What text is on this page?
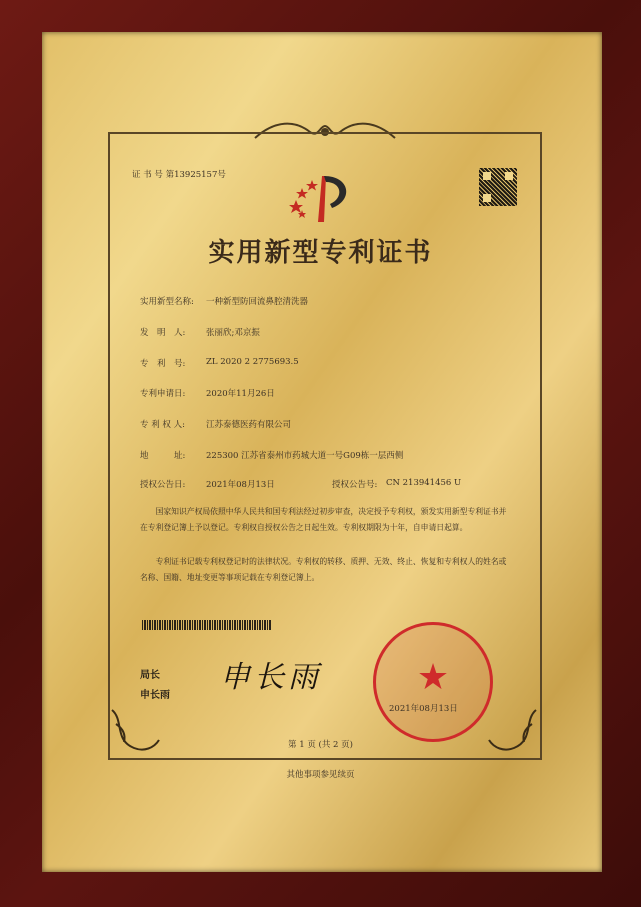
证 书 号 第13925157号
实用新型专利证书
实用新型名称: 一种新型防回流鼻腔清洗器
发　明　人: 张丽欣;邓京振
专　利　号: ZL 2020 2 2775693.5
专利申请日: 2020年11月26日
专 利 权 人: 江苏泰德医药有限公司
地　　　址: 225300 江苏省泰州市药城大道一号G09栋一层西侧
授权公告日: 2021年08月13日	授权公告号: CN 213941456 U
国家知识产权局依照中华人民共和国专利法经过初步审查，决定授予专利权，颁发实用新型专利证书并在专利登记簿上予以登记。专利权自授权公告之日起生效。专利权期限为十年，自申请日起算。
专利证书记载专利权登记时的法律状况。专利权的转移、质押、无效、终止、恢复和专利权人的姓名或名称、国籍、地址变更等事项记载在专利登记簿上。
局长
申长雨
申长雨	★
2021年08月13日
第 1 页 (共 2 页)
其他事项参见续页
